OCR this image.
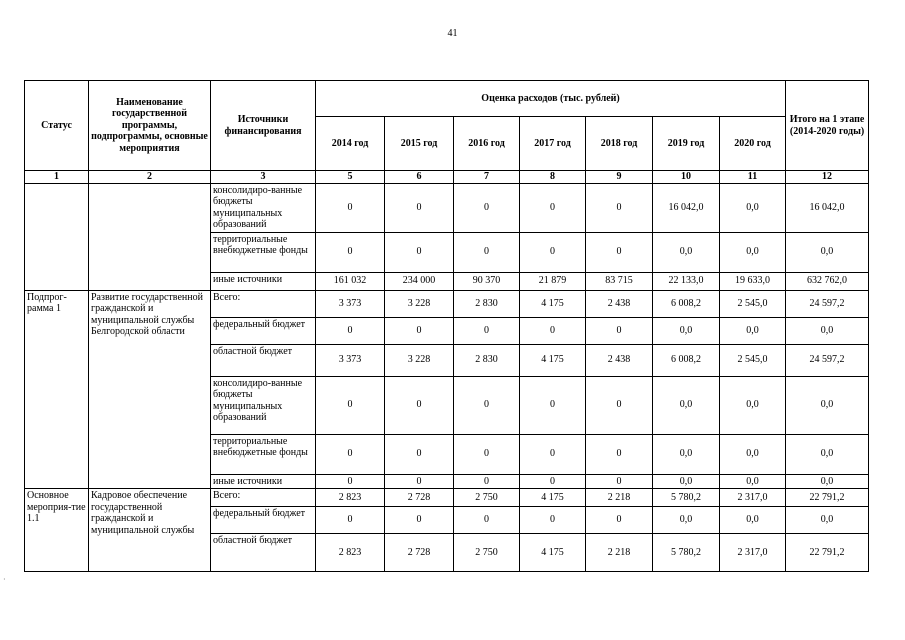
41
Статус	Наименование государственной программы, подпрограммы, основные мероприятия	Источники финансирования	Оценка расходов (тыс. рублей)							Итого на 1 этапе (2014-2020 годы)
			2014 год	2015 год	2016 год	2017 год	2018 год	2019 год	2020 год	
1	2	3	5	6	7	8	9	10	11	12
		консолидиро-ванные бюджеты муниципальных образований	0	0	0	0	0	16 042,0	0,0	16 042,0
		территориальные внебюджетные фонды	0	0	0	0	0	0,0	0,0	0,0
		иные источники	161 032	234 000	90 370	21 879	83 715	22 133,0	19 633,0	632 762,0
Подпрог-рамма 1	Развитие государственной гражданской и муниципальной службы Белгородской области	Всего:	3 373	3 228	2 830	4 175	2 438	6 008,2	2 545,0	24 597,2
		федеральный бюджет	0	0	0	0	0	0,0	0,0	0,0
		областной бюджет	3 373	3 228	2 830	4 175	2 438	6 008,2	2 545,0	24 597,2
		консолидиро-ванные бюджеты муниципальных образований	0	0	0	0	0	0,0	0,0	0,0
		территориальные внебюджетные фонды	0	0	0	0	0	0,0	0,0	0,0
		иные источники	0	0	0	0	0	0,0	0,0	0,0
Основное мероприя-тие 1.1	Кадровое обеспечение государственной гражданской и муниципальной службы	Всего:	2 823	2 728	2 750	4 175	2 218	5 780,2	2 317,0	22 791,2
		федеральный бюджет	0	0	0	0	0	0,0	0,0	0,0
		областной бюджет	2 823	2 728	2 750	4 175	2 218	5 780,2	2 317,0	22 791,2
·
